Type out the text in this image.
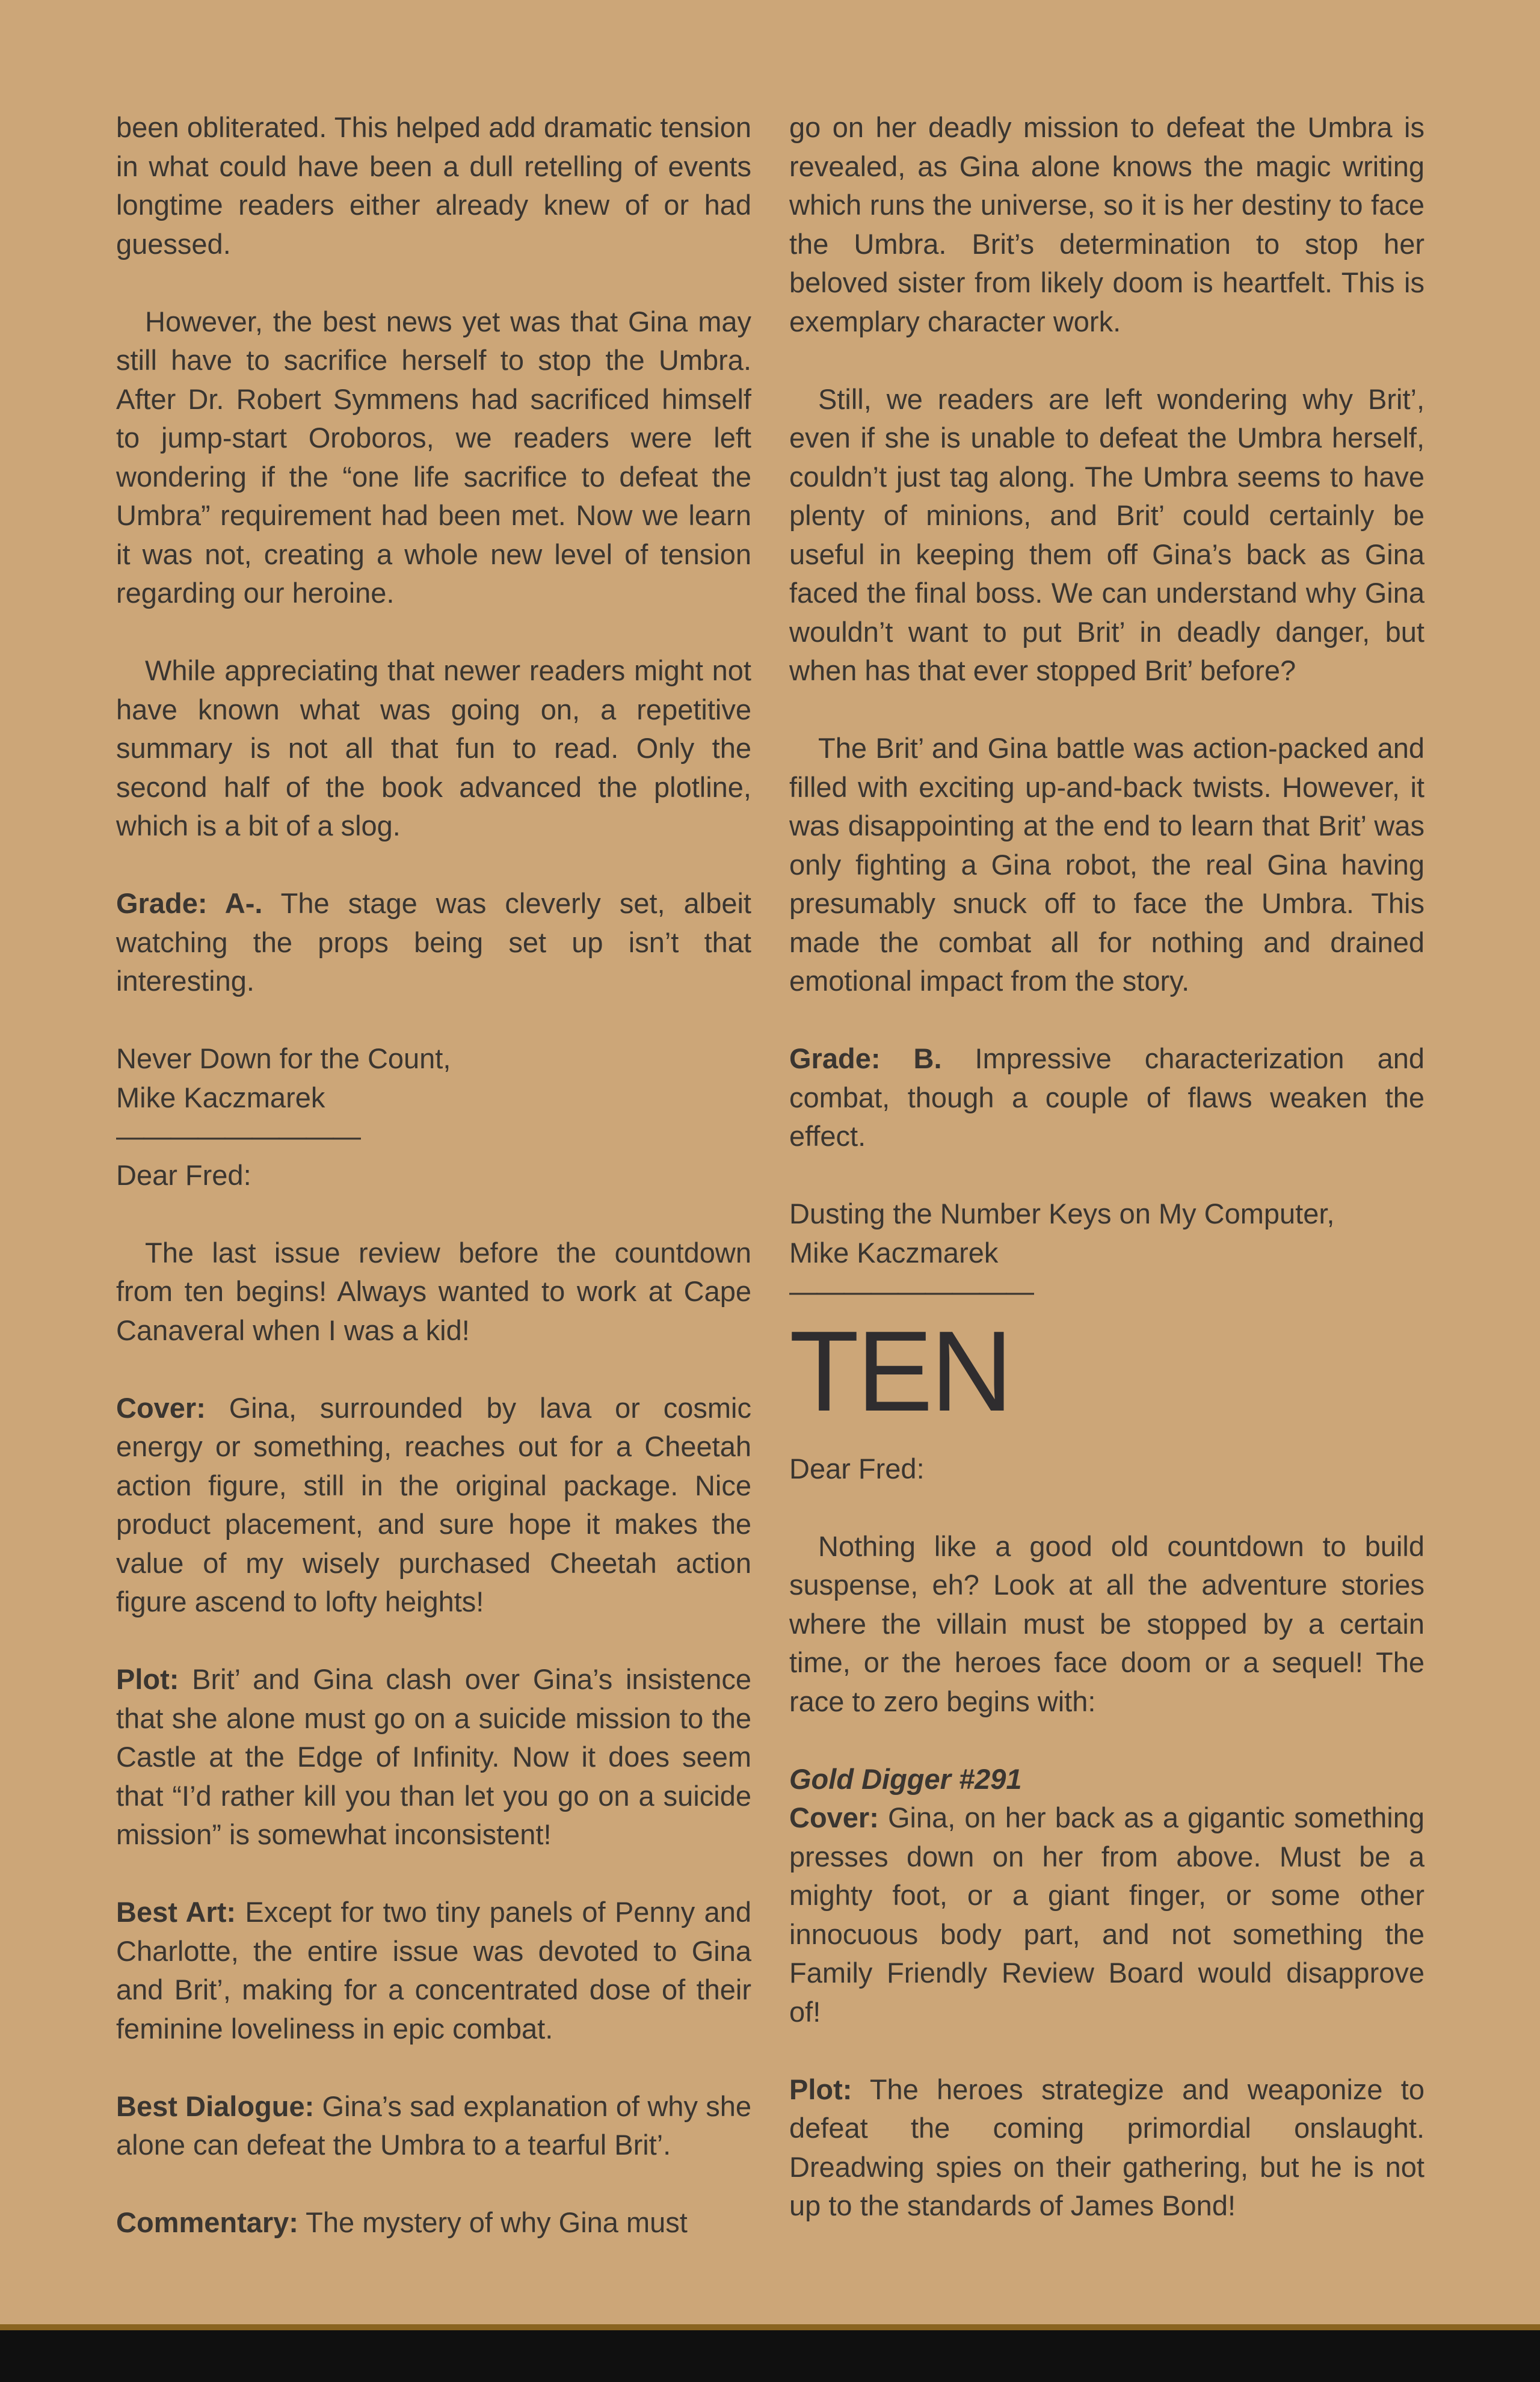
been obliterated. This helped add dramatic tension in what could have been a dull retelling of events longtime readers either already knew of or had guessed.

However, the best news yet was that Gina may still have to sacrifice herself to stop the Umbra. After Dr. Robert Symmens had sacrificed himself to jump-start Oroboros, we readers were left wondering if the “one life sacrifice to defeat the Umbra” requirement had been met. Now we learn it was not, creating a whole new level of tension regarding our heroine.

While appreciating that newer readers might not have known what was going on, a repetitive summary is not all that fun to read. Only the second half of the book advanced the plotline, which is a bit of a slog.

Grade: A-. The stage was cleverly set, albeit watching the props being set up isn’t that interesting.

Never Down for the Count,

Mike Kaczmarek

—————————

Dear Fred:

The last issue review before the countdown from ten begins! Always wanted to work at Cape Canaveral when I was a kid!

Cover: Gina, surrounded by lava or cosmic energy or something, reaches out for a Cheetah action figure, still in the original package. Nice product placement, and sure hope it makes the value of my wisely purchased Cheetah action figure ascend to lofty heights!

Plot: Brit’ and Gina clash over Gina’s insistence that she alone must go on a suicide mission to the Castle at the Edge of Infinity. Now it does seem that “I’d rather kill you than let you go on a suicide mission” is somewhat inconsistent!

Best Art: Except for two tiny panels of Penny and Charlotte, the entire issue was devoted to Gina and Brit’, making for a concentrated dose of their feminine loveliness in epic combat.

Best Dialogue: Gina’s sad explanation of why she alone can defeat the Umbra to a tearful Brit’.

Commentary: The mystery of why Gina must

go on her deadly mission to defeat the Umbra is revealed, as Gina alone knows the magic writing which runs the universe, so it is her destiny to face the Umbra. Brit’s determination to stop her beloved sister from likely doom is heartfelt. This is exemplary character work.

Still, we readers are left wondering why Brit’, even if she is unable to defeat the Umbra herself, couldn’t just tag along. The Umbra seems to have plenty of minions, and Brit’ could certainly be useful in keeping them off Gina’s back as Gina faced the final boss. We can understand why Gina wouldn’t want to put Brit’ in deadly danger, but when has that ever stopped Brit’ before?

The Brit’ and Gina battle was action-packed and filled with exciting up-and-back twists. However, it was disappointing at the end to learn that Brit’ was only fighting a Gina robot, the real Gina having presumably snuck off to face the Umbra. This made the combat all for nothing and drained emotional impact from the story.

Grade: B. Impressive characterization and combat, though a couple of flaws weaken the effect.

Dusting the Number Keys on My Computer,

Mike Kaczmarek

—————————
TEN

Dear Fred:

Nothing like a good old countdown to build suspense, eh? Look at all the adventure stories where the villain must be stopped by a certain time, or the heroes face doom or a sequel! The race to zero begins with:

Gold Digger #291

Cover: Gina, on her back as a gigantic something presses down on her from above. Must be a mighty foot, or a giant finger, or some other innocuous body part, and not something the Family Friendly Review Board would disapprove of!

Plot: The heroes strategize and weaponize to defeat the coming primordial onslaught. Dreadwing spies on their gathering, but he is not up to the standards of James Bond!
